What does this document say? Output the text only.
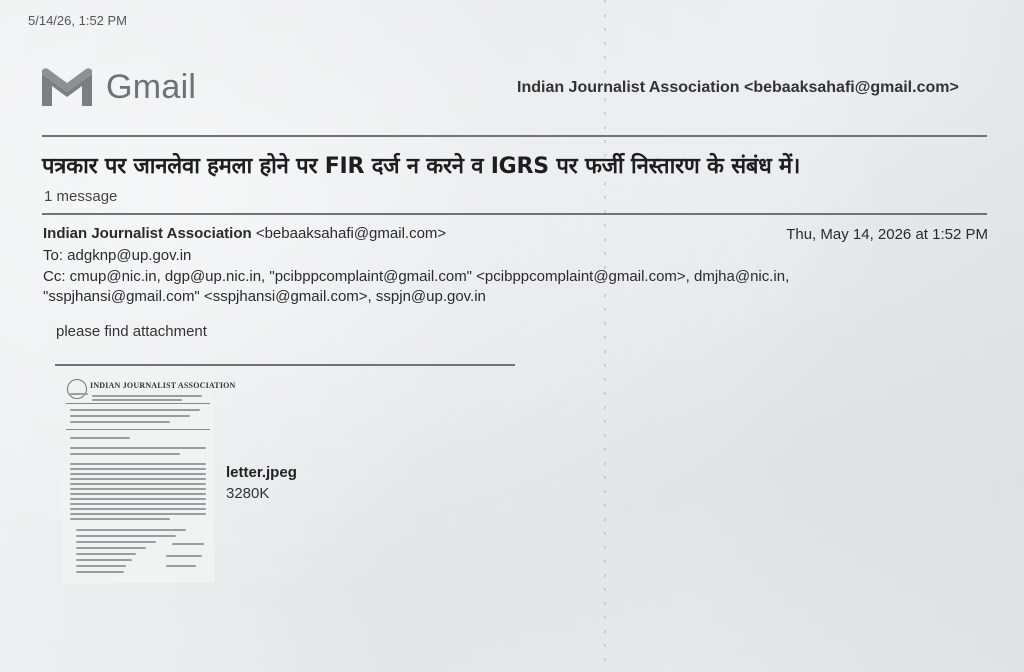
5/14/26, 1:52 PM
Gmail	Indian Journalist Association <bebaaksahafi@gmail.com>
पत्रकार पर जानलेवा हमला होने पर FIR दर्ज न करने व IGRS पर फर्जी निस्तारण के संबंध में।
1 message
Indian Journalist Association <bebaaksahafi@gmail.com>	Thu, May 14, 2026 at 1:52 PM
To: adgknp@up.gov.in
Cc: cmup@nic.in, dgp@up.nic.in, "pcibppcomplaint@gmail.com" <pcibppcomplaint@gmail.com>, dmjha@nic.in,
"sspjhansi@gmail.com" <sspjhansi@gmail.com>, sspjn@up.gov.in
please find attachment
INDIAN JOURNALIST ASSOCIATION
letter.jpeg
3280K
